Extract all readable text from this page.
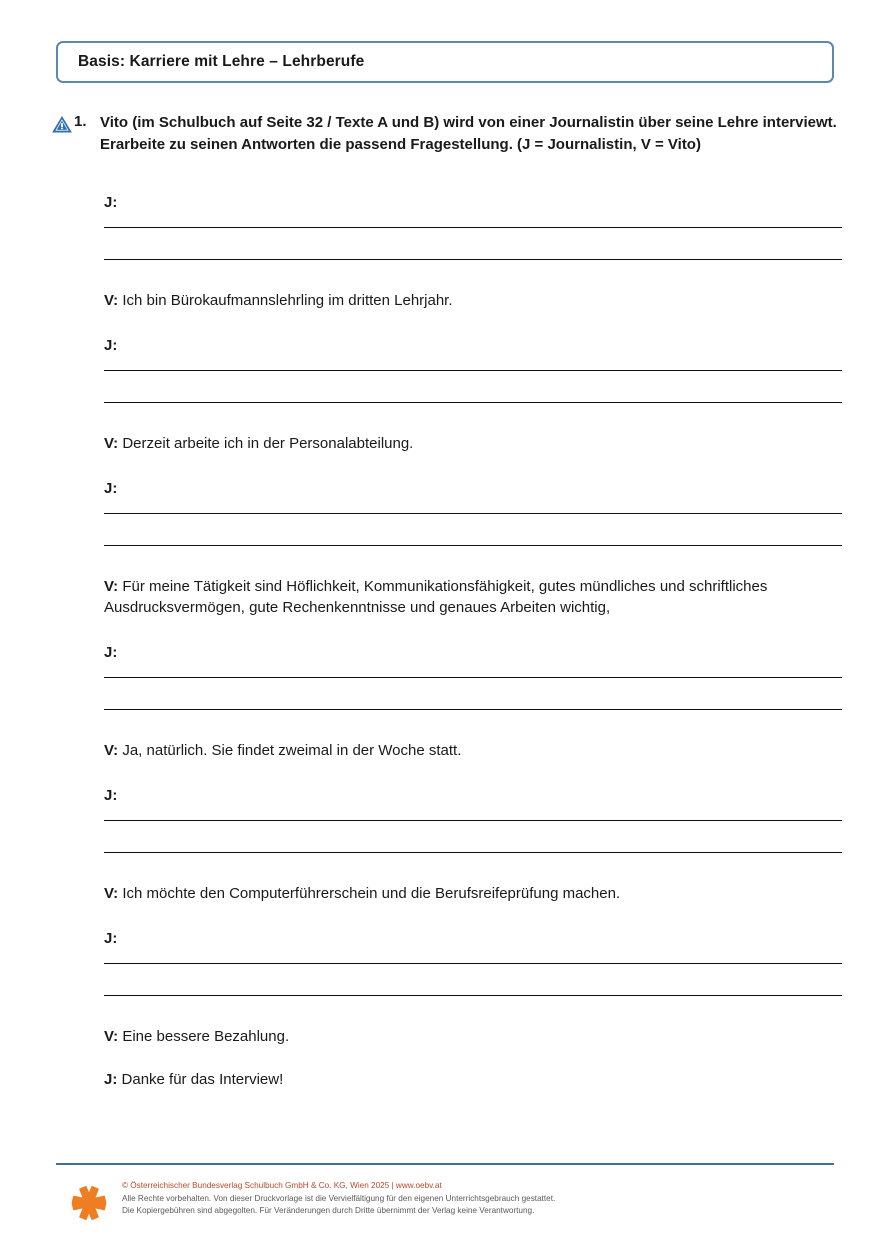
Basis: Karriere mit Lehre – Lehrberufe
1. Vito (im Schulbuch auf Seite 32 / Texte A und B) wird von einer Journalistin über seine Lehre interviewt. Erarbeite zu seinen Antworten die passend Fragestellung. (J = Journalistin, V = Vito)
J:
V: Ich bin Bürokaufmannslehrling im dritten Lehrjahr.
J:
V: Derzeit arbeite ich in der Personalabteilung.
J:
V: Für meine Tätigkeit sind Höflichkeit, Kommunikationsfähigkeit, gutes mündliches und schriftliches Ausdrucksvermögen, gute Rechenkenntnisse und genaues Arbeiten wichtig,
J:
V: Ja, natürlich. Sie findet zweimal in der Woche statt.
J:
V: Ich möchte den Computerführerschein und die Berufsreifeprüfung machen.
J:
V: Eine bessere Bezahlung.
J: Danke für das Interview!
© Österreichischer Bundesverlag Schulbuch GmbH & Co. KG, Wien 2025 | www.oebv.at
Alle Rechte vorbehalten. Von dieser Druckvorlage ist die Vervielfältigung für den eigenen Unterrichtsgebrauch gestattet.
Die Kopiergebühren sind abgegolten. Für Veränderungen durch Dritte übernimmt der Verlag keine Verantwortung.
